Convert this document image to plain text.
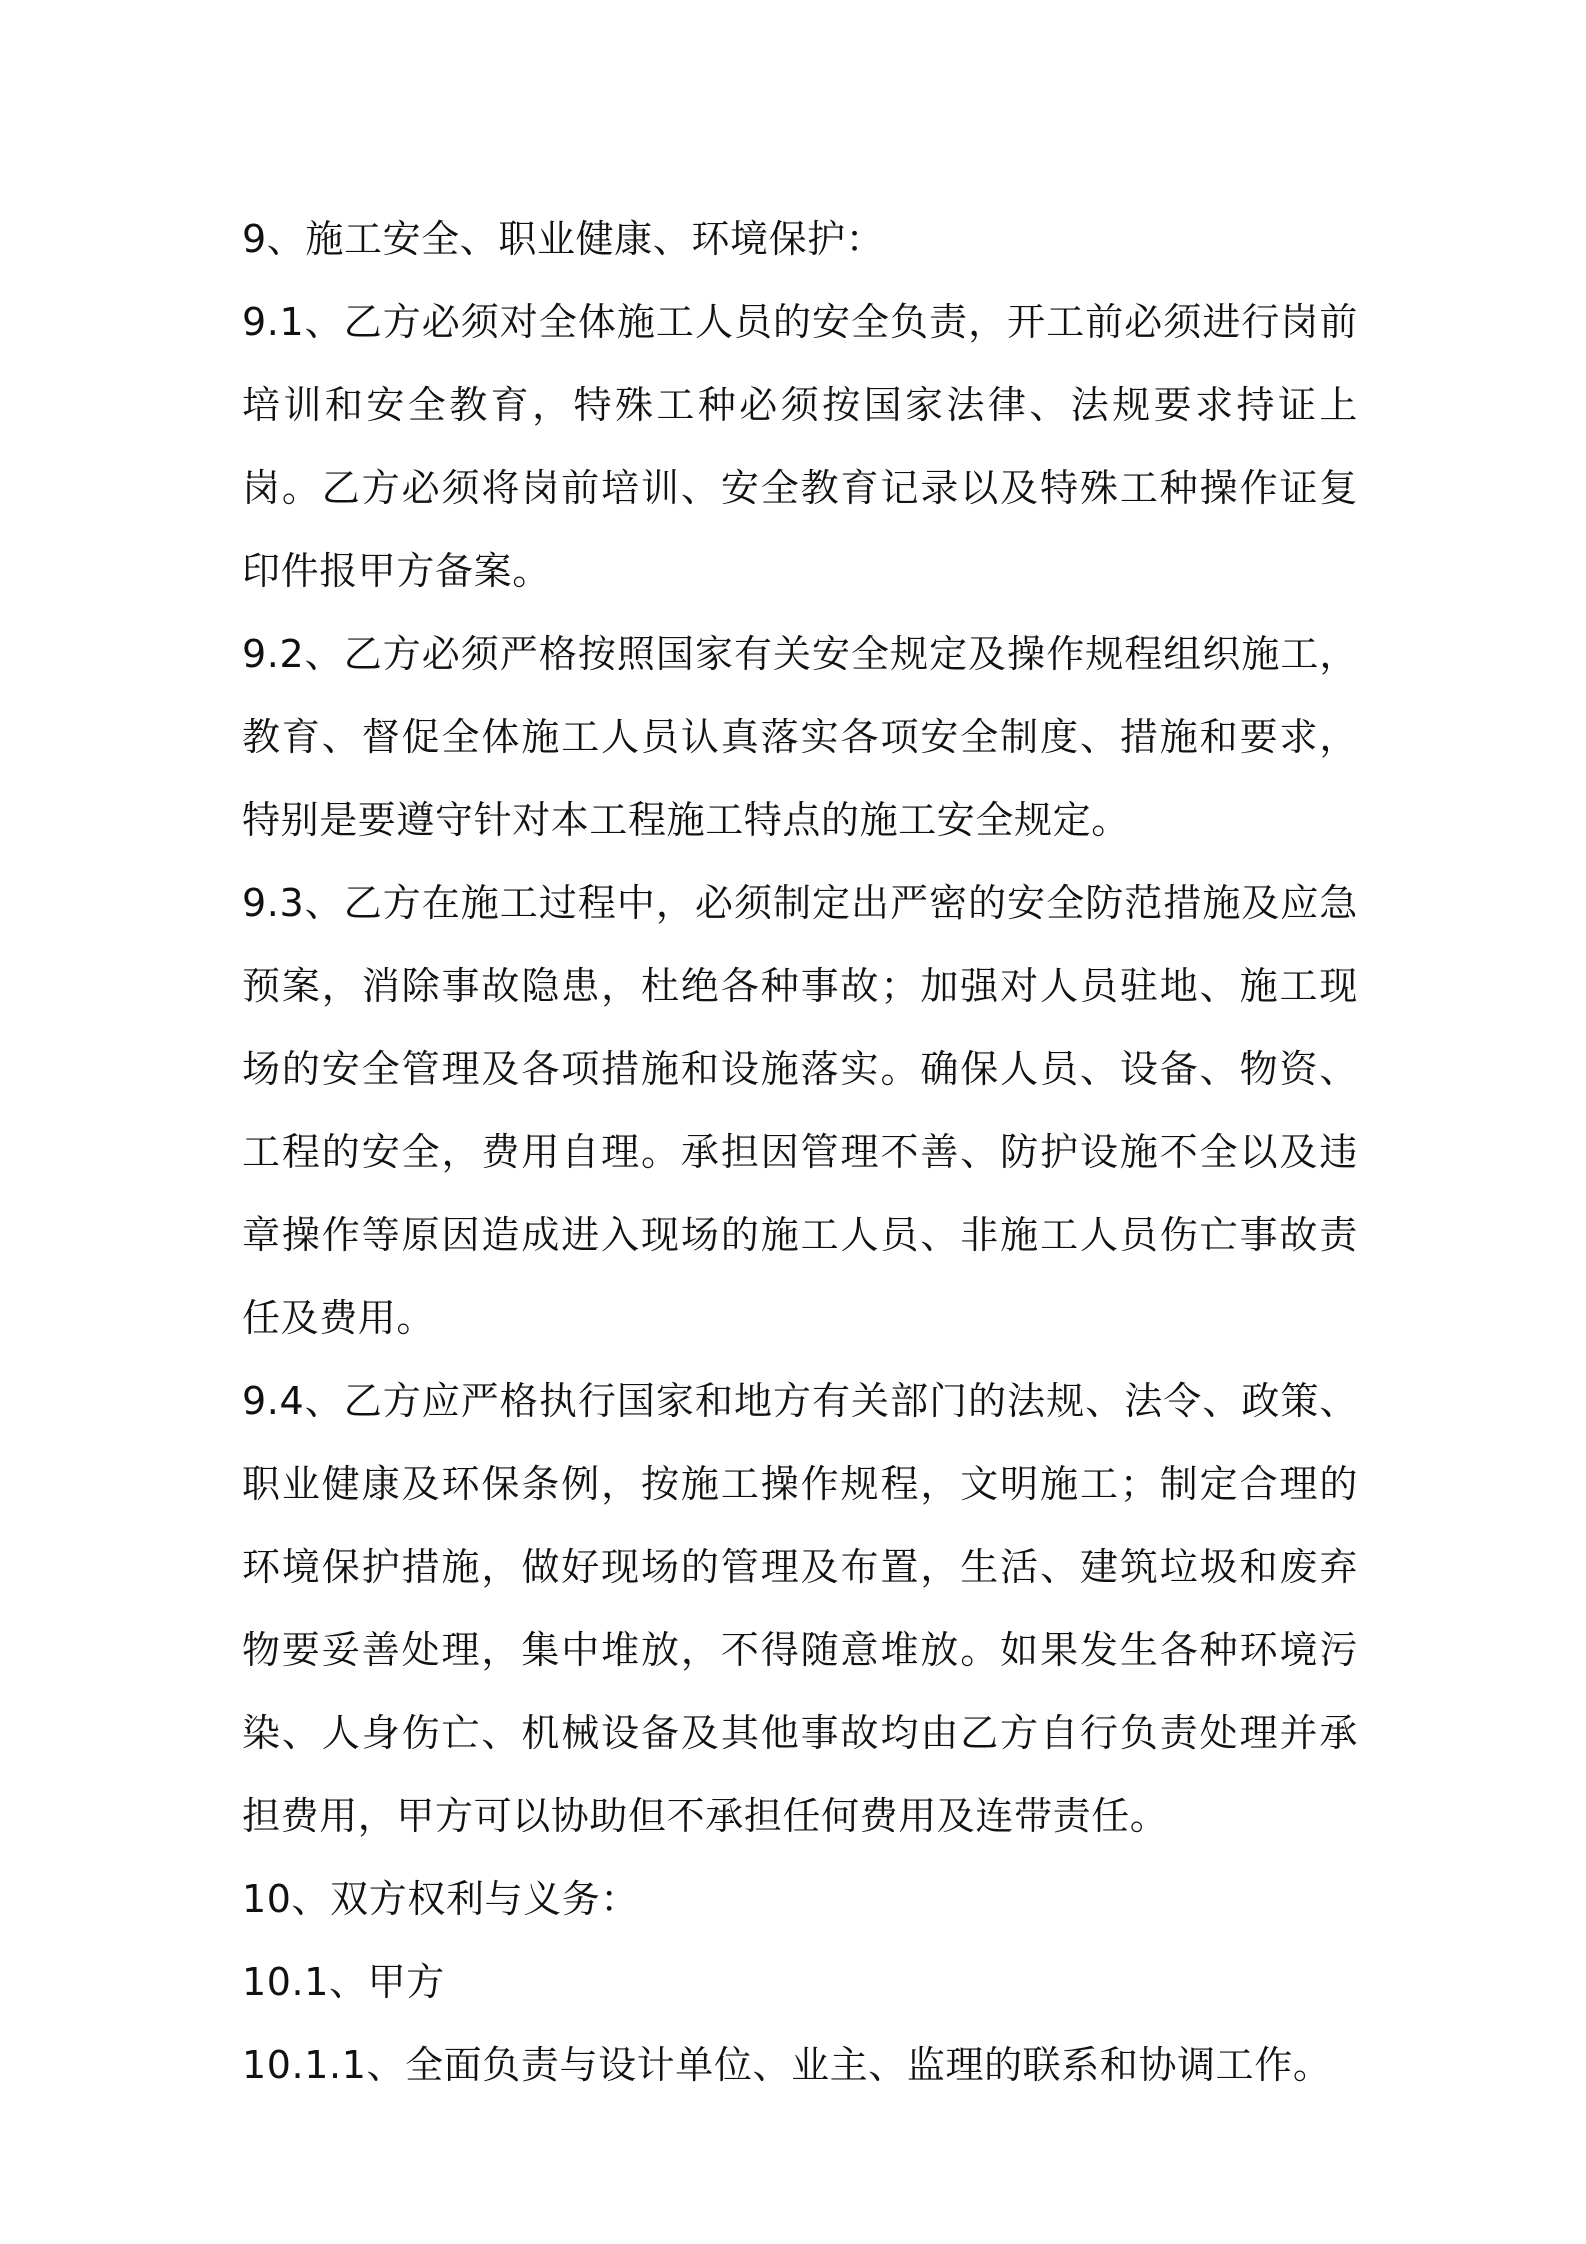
9、施工安全、职业健康、环境保护：

9.1、乙方必须对全体施工人员的安全负责，开工前必须进行岗前培训和安全教育，特殊工种必须按国家法律、法规要求持证上岗。乙方必须将岗前培训、安全教育记录以及特殊工种操作证复印件报甲方备案。

9.2、乙方必须严格按照国家有关安全规定及操作规程组织施工，教育、督促全体施工人员认真落实各项安全制度、措施和要求，特别是要遵守针对本工程施工特点的施工安全规定。

9.3、乙方在施工过程中，必须制定出严密的安全防范措施及应急预案，消除事故隐患，杜绝各种事故；加强对人员驻地、施工现场的安全管理及各项措施和设施落实。确保人员、设备、物资、工程的安全，费用自理。承担因管理不善、防护设施不全以及违章操作等原因造成进入现场的施工人员、非施工人员伤亡事故责任及费用。

9.4、乙方应严格执行国家和地方有关部门的法规、法令、政策、职业健康及环保条例，按施工操作规程，文明施工；制定合理的环境保护措施，做好现场的管理及布置，生活、建筑垃圾和废弃物要妥善处理，集中堆放，不得随意堆放。如果发生各种环境污染、人身伤亡、机械设备及其他事故均由乙方自行负责处理并承担费用，甲方可以协助但不承担任何费用及连带责任。

10、双方权利与义务：

10.1、甲方

10.1.1、全面负责与设计单位、业主、监理的联系和协调工作。
